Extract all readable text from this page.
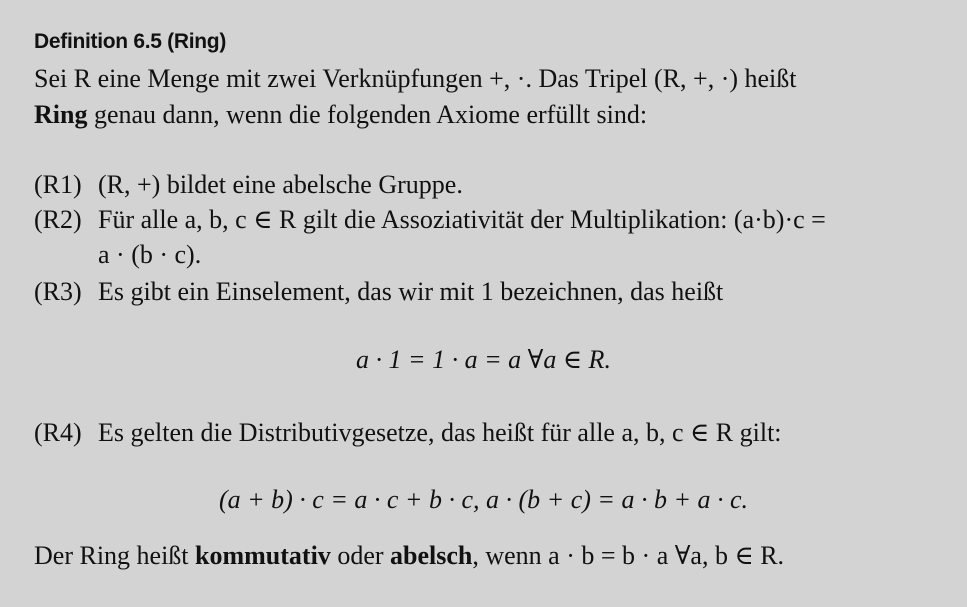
Definition 6.5 (Ring)
Sei R eine Menge mit zwei Verknüpfungen +, ·. Das Tripel (R, +, ·) heißt
Ring genau dann, wenn die folgenden Axiome erfüllt sind:
(R1) (R, +) bildet eine abelsche Gruppe.
(R2) Für alle a, b, c ∈ R gilt die Assoziativität der Multiplikation: (a·b)·c =
a · (b · c).
(R3) Es gibt ein Einselement, das wir mit 1 bezeichnen, das heißt
a · 1 = 1 · a = a ∀a ∈ R.
(R4) Es gelten die Distributivgesetze, das heißt für alle a, b, c ∈ R gilt:
(a + b) · c = a · c + b · c, a · (b + c) = a · b + a · c.
Der Ring heißt kommutativ oder abelsch, wenn a · b = b · a ∀a, b ∈ R.
